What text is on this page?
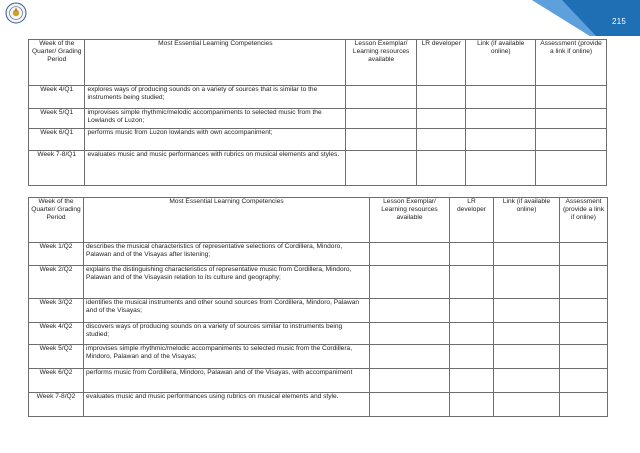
215
Week of the Quarter/ Grading Period	Most Essential Learning Competencies	Lesson Exemplar/ Learning resources available	LR developer	Link (if available online)	Assessment (provide a link if online)
Week 4/Q1	explores ways of producing sounds on a variety of sources that is similar to the instruments being studied;				
Week 5/Q1	improvises simple rhythmic/melodic accompaniments to selected music from the Lowlands of Luzon;				
Week 6/Q1	performs music from Luzon lowlands with own accompaniment;				
Week 7-8/Q1	evaluates music and music performances with rubrics on musical elements and styles.				
Week of the Quarter/ Grading Period	Most Essential Learning Competencies	Lesson Exemplar/ Learning resources available	LR developer	Link (if available online)	Assessment (provide a link if online)
Week 1/Q2	describes the musical characteristics of representative selections of Cordillera, Mindoro, Palawan and of the Visayas after listening;				
Week 2/Q2	explains the distinguishing characteristics of representative music from Cordillera, Mindoro, Palawan and of the Visayasin relation to its culture and geography;				
Week 3/Q2	identifies the musical instruments and other sound sources from Cordillera, Mindoro, Palawan and of the Visayas;				
Week 4/Q2	discovers ways of producing sounds on a variety of sources similar to instruments being studied;				
Week 5/Q2	improvises simple rhythmic/melodic accompaniments to selected music from the Cordillera, Mindoro, Palawan and of the Visayas;				
Week 6/Q2	performs music from Cordillera, Mindoro, Palawan and of the Visayas, with accompaniment				
Week 7-8/Q2	evaluates music and music performances using rubrics on musical elements and style.				
